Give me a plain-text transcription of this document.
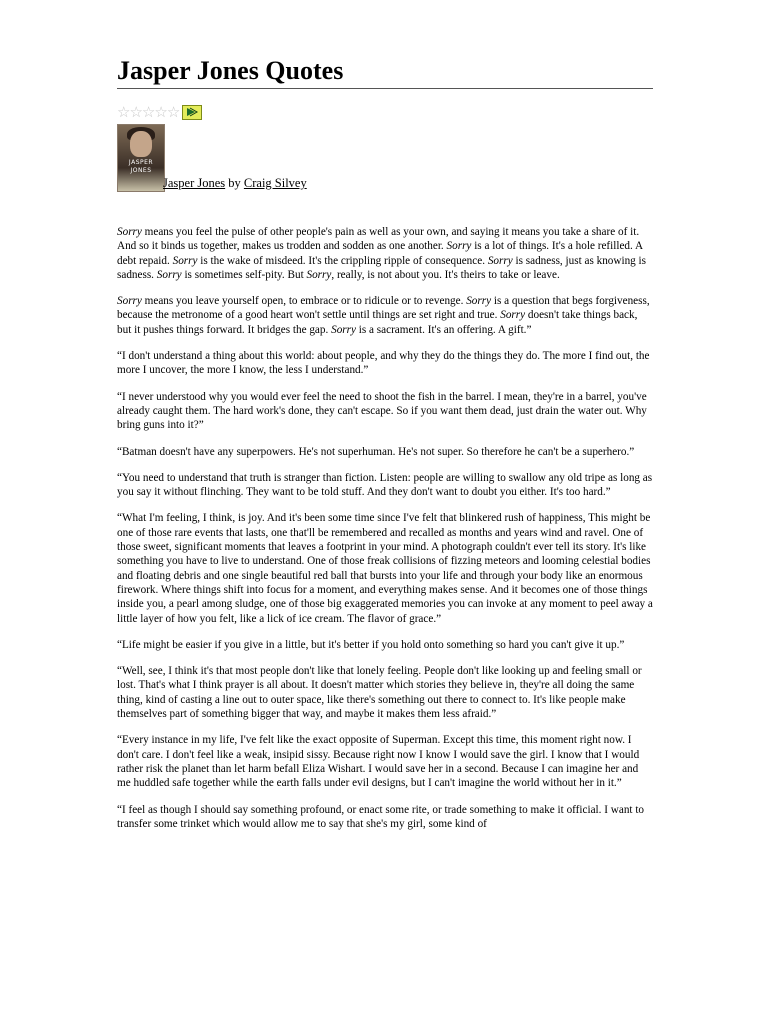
Jasper Jones Quotes
☆ ☆ ☆ ☆ ☆
JASPER
JONES
Jasper Jones by Craig Silvey

Sorry means you feel the pulse of other people's pain as well as your own, and saying it means you take a share of it. And so it binds us together, makes us trodden and sodden as one another. Sorry is a lot of things. It's a hole refilled. A debt repaid. Sorry is the wake of misdeed. It's the crippling ripple of consequence. Sorry is sadness, just as knowing is sadness. Sorry is sometimes self-pity. But Sorry, really, is not about you. It's theirs to take or leave.

Sorry means you leave yourself open, to embrace or to ridicule or to revenge. Sorry is a question that begs forgiveness, because the metronome of a good heart won't settle until things are set right and true. Sorry doesn't take things back, but it pushes things forward. It bridges the gap. Sorry is a sacrament. It's an offering. A gift.”

“I don't understand a thing about this world: about people, and why they do the things they do. The more I find out, the more I uncover, the more I know, the less I understand.”

“I never understood why you would ever feel the need to shoot the fish in the barrel. I mean, they're in a barrel, you've already caught them. The hard work's done, they can't escape. So if you want them dead, just drain the water out. Why bring guns into it?”

“Batman doesn't have any superpowers. He's not superhuman. He's not super. So therefore he can't be a superhero.”

“You need to understand that truth is stranger than fiction. Listen: people are willing to swallow any old tripe as long as you say it without flinching. They want to be told stuff. And they don't want to doubt you either. It's too hard.”

“What I'm feeling, I think, is joy. And it's been some time since I've felt that blinkered rush of happiness, This might be one of those rare events that lasts, one that'll be remembered and recalled as months and years wind and ravel. One of those sweet, significant moments that leaves a footprint in your mind. A photograph couldn't ever tell its story. It's like something you have to live to understand. One of those freak collisions of fizzing meteors and looming celestial bodies and floating debris and one single beautiful red ball that bursts into your life and through your body like an enormous firework. Where things shift into focus for a moment, and everything makes sense. And it becomes one of those things inside you, a pearl among sludge, one of those big exaggerated memories you can invoke at any moment to peel away a little layer of how you felt, like a lick of ice cream. The flavor of grace.”

“Life might be easier if you give in a little, but it's better if you hold onto something so hard you can't give it up.”

“Well, see, I think it's that most people don't like that lonely feeling. People don't like looking up and feeling small or lost. That's what I think prayer is all about. It doesn't matter which stories they believe in, they're all doing the same thing, kind of casting a line out to outer space, like there's something out there to connect to. It's like people make themselves part of something bigger that way, and maybe it makes them less afraid.”

“Every instance in my life, I've felt like the exact opposite of Superman. Except this time, this moment right now. I don't care. I don't feel like a weak, insipid sissy. Because right now I know I would save the girl. I know that I would rather risk the planet than let harm befall Eliza Wishart. I would save her in a second. Because I can imagine her and me huddled safe together while the earth falls under evil designs, but I can't imagine the world without her in it.”

“I feel as though I should say something profound, or enact some rite, or trade something to make it official. I want to transfer some trinket which would allow me to say that she's my girl, some kind of
